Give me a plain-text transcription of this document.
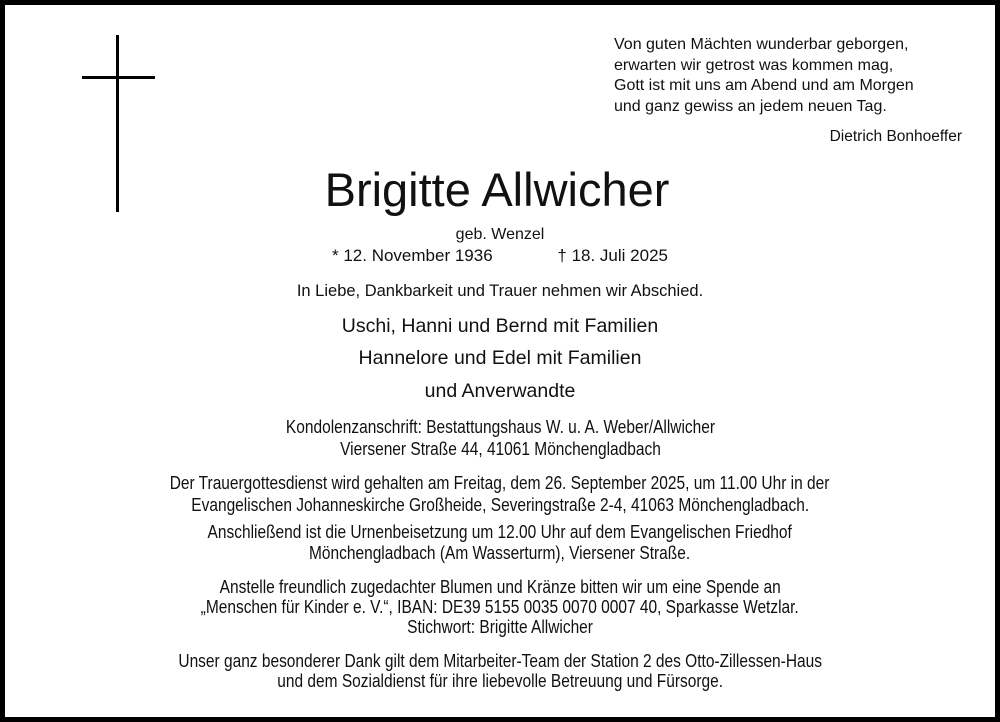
Von guten Mächten wunderbar geborgen,
erwarten wir getrost was kommen mag,
Gott ist mit uns am Abend und am Morgen
und ganz gewiss an jedem neuen Tag.
Dietrich Bonhoeffer
Brigitte Allwicher
geb. Wenzel
* 12. November 1936	† 18. Juli 2025
In Liebe, Dankbarkeit und Trauer nehmen wir Abschied.
Uschi, Hanni und Bernd mit Familien
Hannelore und Edel mit Familien
und Anverwandte
Kondolenzanschrift: Bestattungshaus W. u. A. Weber/Allwicher
Viersener Straße 44, 41061 Mönchengladbach
Der Trauergottesdienst wird gehalten am Freitag, dem 26. September 2025, um 11.00 Uhr in der
Evangelischen Johanneskirche Großheide, Severingstraße 2-4, 41063 Mönchengladbach.
Anschließend ist die Urnenbeisetzung um 12.00 Uhr auf dem Evangelischen Friedhof
Mönchengladbach (Am Wasserturm), Viersener Straße.
Anstelle freundlich zugedachter Blumen und Kränze bitten wir um eine Spende an
„Menschen für Kinder e. V.“, IBAN: DE39 5155 0035 0070 0007 40, Sparkasse Wetzlar.
Stichwort: Brigitte Allwicher
Unser ganz besonderer Dank gilt dem Mitarbeiter-Team der Station 2 des Otto-Zillessen-Haus
und dem Sozialdienst für ihre liebevolle Betreuung und Fürsorge.
